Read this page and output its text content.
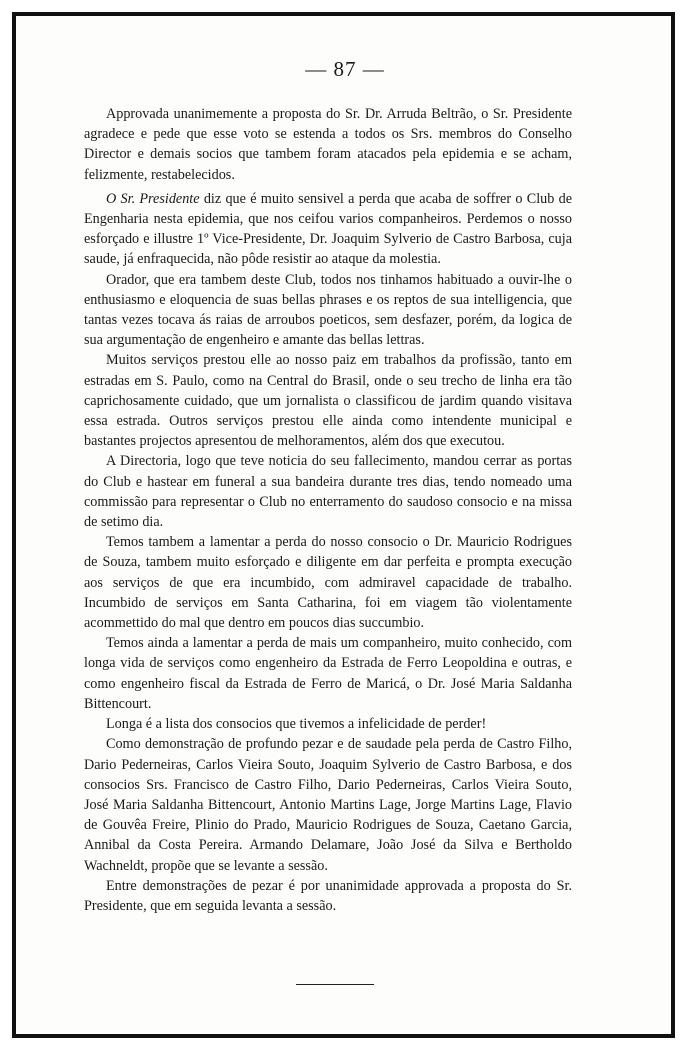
— 87 —

Approvada unanimemente a proposta do Sr. Dr. Arruda Beltrão, o Sr. Presidente agradece e pede que esse voto se estenda a todos os Srs. membros do Conselho Director e demais socios que tambem foram atacados pela epidemia e se acham, felizmente, restabelecidos.

O Sr. Presidente diz que é muito sensivel a perda que acaba de soffrer o Club de Engenharia nesta epidemia, que nos ceifou varios companheiros. Perdemos o nosso esforçado e illustre 1º Vice-Presidente, Dr. Joaquim Sylverio de Castro Barbosa, cuja saude, já enfraquecida, não pôde resistir ao ataque da molestia.

Orador, que era tambem deste Club, todos nos tinhamos habituado a ouvir-lhe o enthusiasmo e eloquencia de suas bellas phrases e os reptos de sua intelligencia, que tantas vezes tocava ás raias de arroubos poeticos, sem desfazer, porém, da logica de sua argumentação de engenheiro e amante das bellas lettras.

Muitos serviços prestou elle ao nosso paiz em trabalhos da profissão, tanto em estradas em S. Paulo, como na Central do Brasil, onde o seu trecho de linha era tão caprichosamente cuidado, que um jornalista o classificou de jardim quando visitava essa estrada. Outros serviços prestou elle ainda como intendente municipal e bastantes projectos apresentou de melhoramentos, além dos que executou.

A Directoria, logo que teve noticia do seu fallecimento, mandou cerrar as portas do Club e hastear em funeral a sua bandeira durante tres dias, tendo nomeado uma commissão para representar o Club no enterramento do saudoso consocio e na missa de setimo dia.

Temos tambem a lamentar a perda do nosso consocio o Dr. Mauricio Rodrigues de Souza, tambem muito esforçado e diligente em dar perfeita e prompta execução aos serviços de que era incumbido, com admiravel capacidade de trabalho. Incumbido de serviços em Santa Catharina, foi em viagem tão violentamente acommettido do mal que dentro em poucos dias succumbio.

Temos ainda a lamentar a perda de mais um companheiro, muito conhecido, com longa vida de serviços como engenheiro da Estrada de Ferro Leopoldina e outras, e como engenheiro fiscal da Estrada de Ferro de Maricá, o Dr. José Maria Saldanha Bittencourt.

Longa é a lista dos consocios que tivemos a infelicidade de perder!

Como demonstração de profundo pezar e de saudade pela perda de Castro Filho, Dario Pederneiras, Carlos Vieira Souto, Joaquim Sylverio de Castro Barbosa, e dos consocios Srs. Francisco de Castro Filho, Dario Pederneiras, Carlos Vieira Souto, José Maria Saldanha Bittencourt, Antonio Martins Lage, Jorge Martins Lage, Flavio de Gouvêa Freire, Plinio do Prado, Mauricio Rodrigues de Souza, Caetano Garcia, Annibal da Costa Pereira. Armando Delamare, João José da Silva e Bertholdo Wachneldt, propõe que se levante a sessão.

Entre demonstrações de pezar é por unanimidade approvada a proposta do Sr. Presidente, que em seguida levanta a sessão.
